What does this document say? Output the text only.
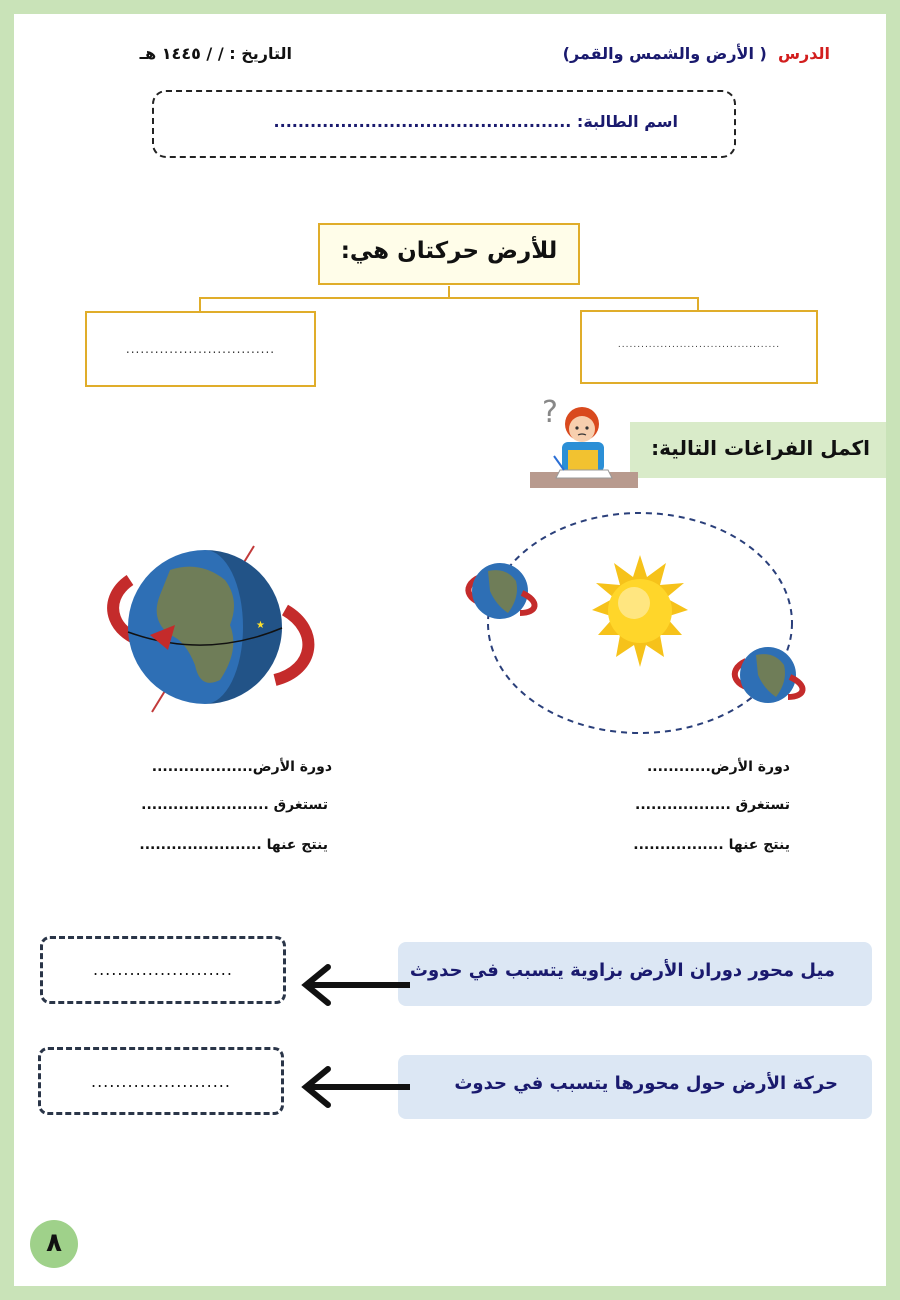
الدرس  ( الأرض والشمس والقمر)
التاريخ : / / ١٤٤٥ هـ
اسم الطالبة: .................................................
للأرض حركتان هي:
...............................	..........................................
اكمل الفراغات التالية:
?
★
دورة الأرض............
تستغرق ..................
ينتج عنها .................
دورة الأرض...................
تستغرق ........................
ينتج عنها .......................
ميل محور دوران الأرض بزاوية يتسبب في حدوث
.......................
حركة الأرض حول محورها يتسبب في حدوث
.......................
٨
